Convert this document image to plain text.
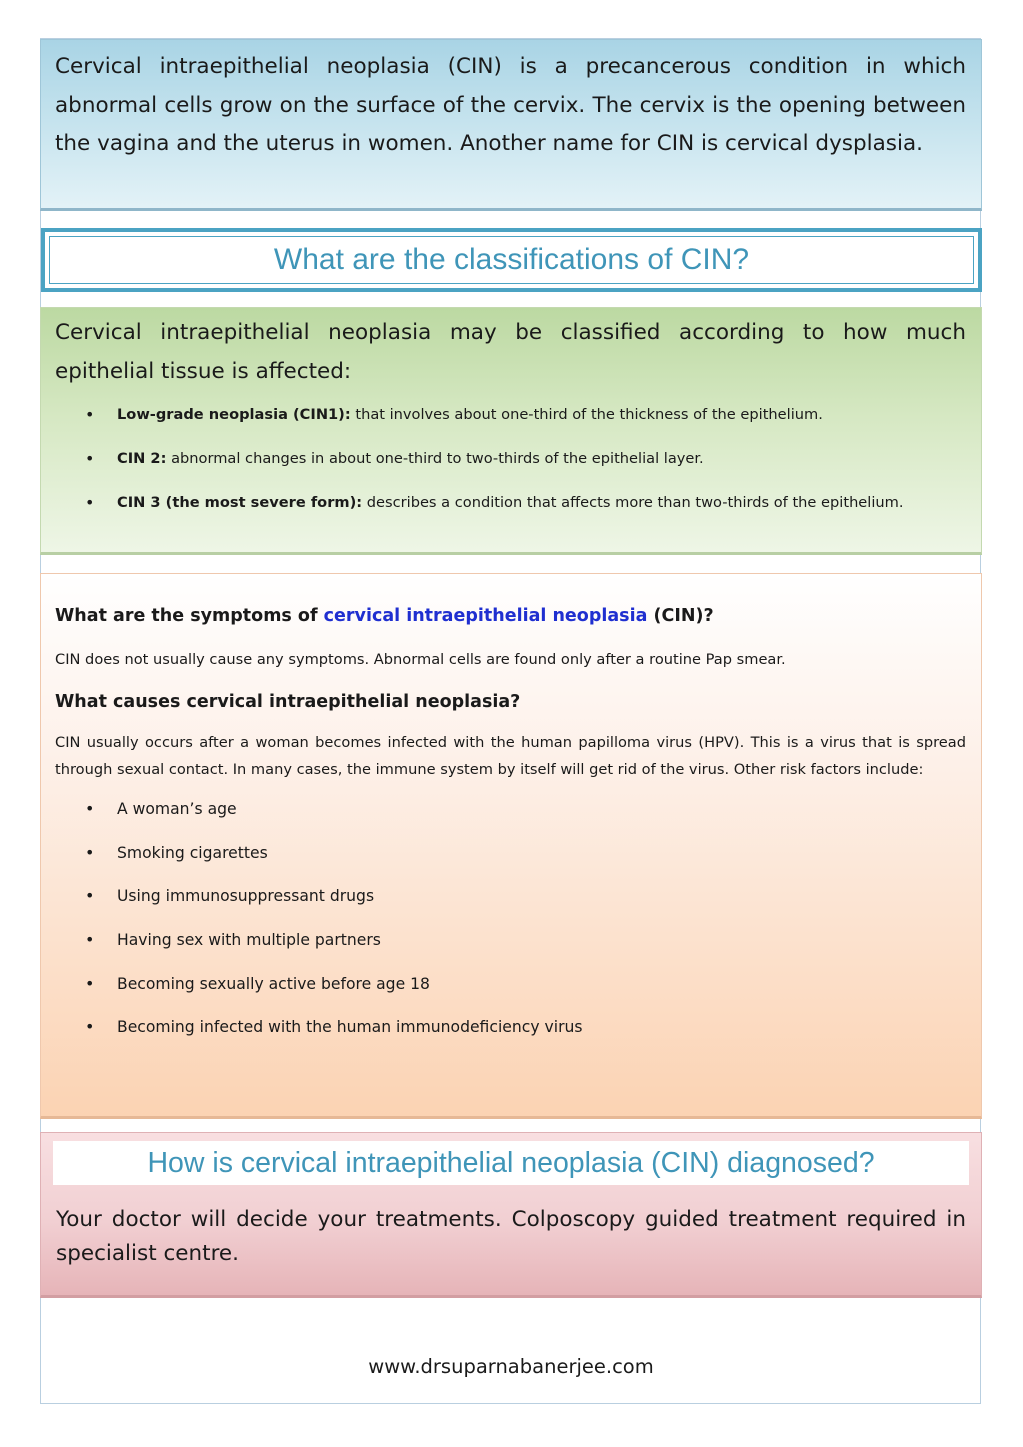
Cervical intraepithelial neoplasia (CIN) is a precancerous condition in which abnormal cells grow on the surface of the cervix. The cervix is the opening between the vagina and the uterus in women. Another name for CIN is cervical dysplasia.

What are the classifications of CIN?

Cervical intraepithelial neoplasia may be classified according to how much epithelial tissue is affected:

• Low-grade neoplasia (CIN1): that involves about one-third of the thickness of the epithelium.
• CIN 2: abnormal changes in about one-third to two-thirds of the epithelial layer.
• CIN 3 (the most severe form): describes a condition that affects more than two-thirds of the epithelium.
What are the symptoms of cervical intraepithelial neoplasia (CIN)?

CIN does not usually cause any symptoms. Abnormal cells are found only after a routine Pap smear.

What causes cervical intraepithelial neoplasia?

CIN usually occurs after a woman becomes infected with the human papilloma virus (HPV). This is a virus that is spread through sexual contact. In many cases, the immune system by itself will get rid of the virus. Other risk factors include:

• A woman’s age
• Smoking cigarettes
• Using immunosuppressant drugs
• Having sex with multiple partners
• Becoming sexually active before age 18
• Becoming infected with the human immunodeficiency virus
How is cervical intraepithelial neoplasia (CIN) diagnosed?

Your doctor will decide your treatments. Colposcopy guided treatment required in specialist centre.

www.drsuparnabanerjee.com
